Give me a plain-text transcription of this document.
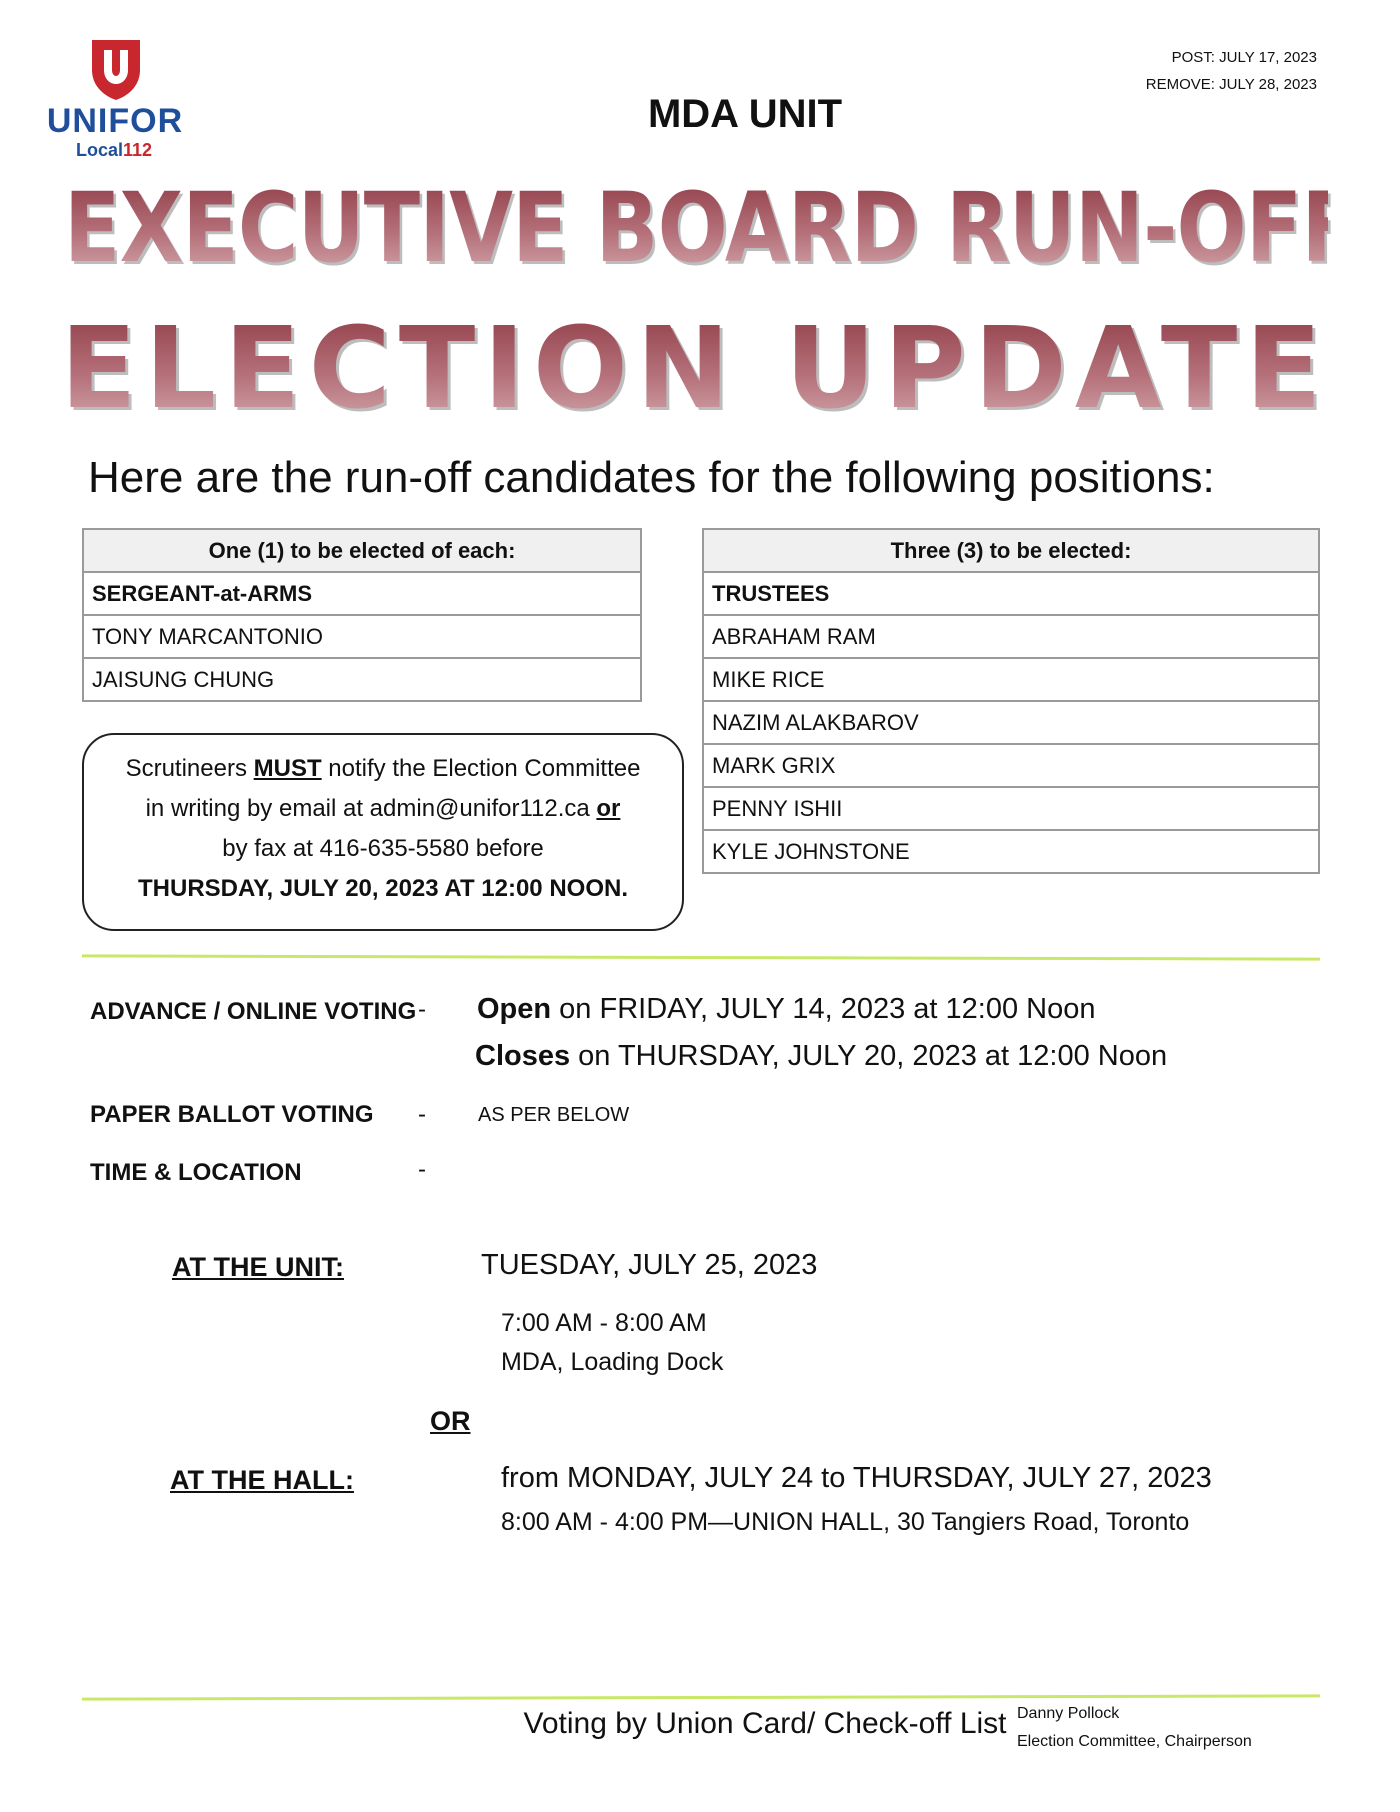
UNIFOR
Local112
POST: JULY 17, 2023
REMOVE: JULY 28, 2023
MDA UNIT
EXECUTIVE BOARD RUN-OFF
ELECTION UPDATE
Here are the run-off candidates for the following positions:
One (1) to be elected of each:
SERGEANT-at-ARMS
TONY MARCANTONIO
JAISUNG CHUNG
Three (3) to be elected:
TRUSTEES
ABRAHAM RAM
MIKE RICE
NAZIM ALAKBAROV
MARK GRIX
PENNY ISHII
KYLE JOHNSTONE
Scrutineers MUST notify the Election Committee
in writing by email at admin@unifor112.ca or
by fax at 416-635-5580 before
THURSDAY, JULY 20, 2023 AT 12:00 NOON.
ADVANCE / ONLINE VOTING - Open on FRIDAY, JULY 14, 2023 at 12:00 Noon
Closes on THURSDAY, JULY 20, 2023 at 12:00 Noon
PAPER BALLOT VOTING -	AS PER BELOW
TIME & LOCATION	-
AT THE UNIT:	TUESDAY, JULY 25, 2023
7:00 AM - 8:00 AM
MDA, Loading Dock
OR
AT THE HALL:	from MONDAY, JULY 24 to THURSDAY, JULY 27, 2023
8:00 AM - 4:00 PM—UNION HALL, 30 Tangiers Road, Toronto
Voting by Union Card/ Check-off List Danny Pollock
Election Committee, Chairperson
